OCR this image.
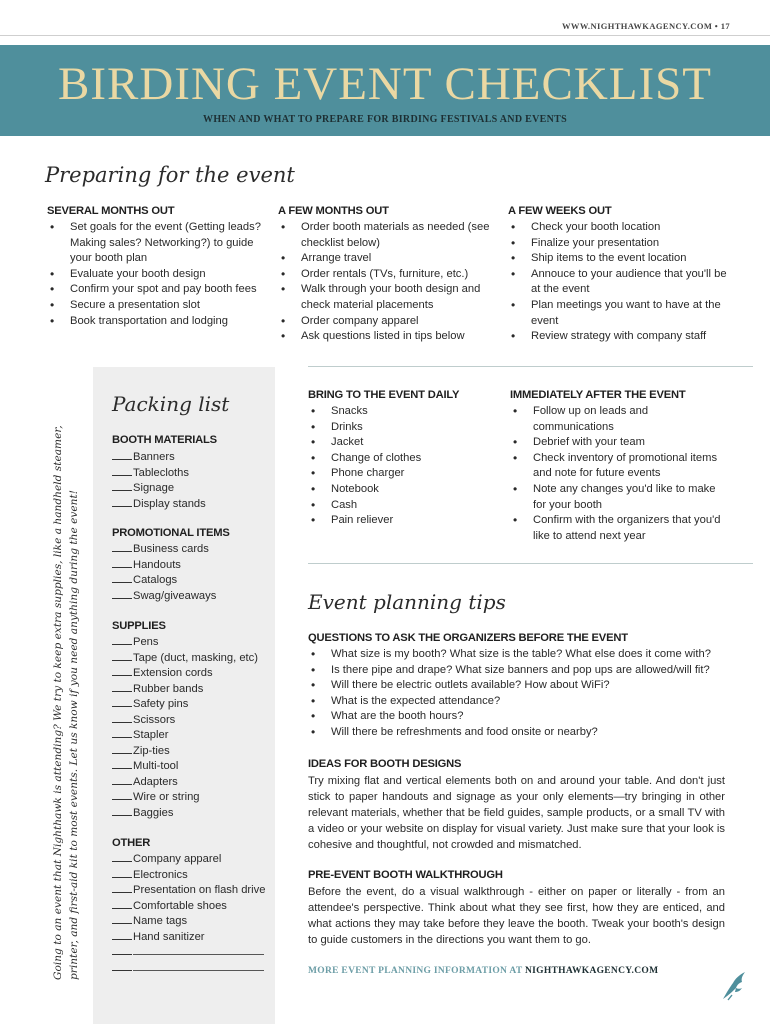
WWW.NIGHTHAWKAGENCY.COM • 17
BIRDING EVENT CHECKLIST
WHEN AND WHAT TO PREPARE FOR BIRDING FESTIVALS AND EVENTS
Preparing for the event
SEVERAL MONTHS OUT
• Set goals for the event (Getting leads? Making sales? Networking?) to guide your booth plan
• Evaluate your booth design
• Confirm your spot and pay booth fees
• Secure a presentation slot
• Book transportation and lodging
A FEW MONTHS OUT
• Order booth materials as needed (see checklist below)
• Arrange travel
• Order rentals (TVs, furniture, etc.)
• Walk through your booth design and check material placements
• Order company apparel
• Ask questions listed in tips below
A FEW WEEKS OUT
• Check your booth location
• Finalize your presentation
• Ship items to the event location
• Annouce to your audience that you'll be at the event
• Plan meetings you want to have at the event
• Review strategy with company staff
Packing list
BOOTH MATERIALS
Banners
Tablecloths
Signage
Display stands
PROMOTIONAL ITEMS
Business cards
Handouts
Catalogs
Swag/giveaways
SUPPLIES
Pens
Tape (duct, masking, etc)
Extension cords
Rubber bands
Safety pins
Scissors
Stapler
Zip-ties
Multi-tool
Adapters
Wire or string
Baggies
OTHER
Company apparel
Electronics
Presentation on flash drive
Comfortable shoes
Name tags
Hand sanitizer
Going to an event that Nighthawk is attending? We try to keep extra supplies, like a handheld steamer, printer, and first-aid kit to most events. Let us know if you need anything during the event!
BRING TO THE EVENT DAILY
• Snacks
• Drinks
• Jacket
• Change of clothes
• Phone charger
• Notebook
• Cash
• Pain reliever
IMMEDIATELY AFTER THE EVENT
• Follow up on leads and communications
• Debrief with your team
• Check inventory of promotional items and note for future events
• Note any changes you'd like to make for your booth
• Confirm with the organizers that you'd like to attend next year
Event planning tips
QUESTIONS TO ASK THE ORGANIZERS BEFORE THE EVENT
• What size is my booth? What size is the table? What else does it come with?
• Is there pipe and drape? What size banners and pop ups are allowed/will fit?
• Will there be electric outlets available? How about WiFi?
• What is the expected attendance?
• What are the booth hours?
• Will there be refreshments and food onsite or nearby?
IDEAS FOR BOOTH DESIGNS
Try mixing flat and vertical elements both on and around your table. And don't just stick to paper handouts and signage as your only elements—try bringing in other relevant materials, whether that be field guides, sample products, or a small TV with a video or your website on display for visual variety. Just make sure that your look is cohesive and thoughtful, not crowded and mismatched.
PRE-EVENT BOOTH WALKTHROUGH
Before the event, do a visual walkthrough - either on paper or literally - from an attendee's perspective. Think about what they see first, how they are enticed, and what actions they may take before they leave the booth. Tweak your booth's design to guide customers in the directions you want them to go.
MORE EVENT PLANNING INFORMATION AT NIGHTHAWKAGENCY.COM
